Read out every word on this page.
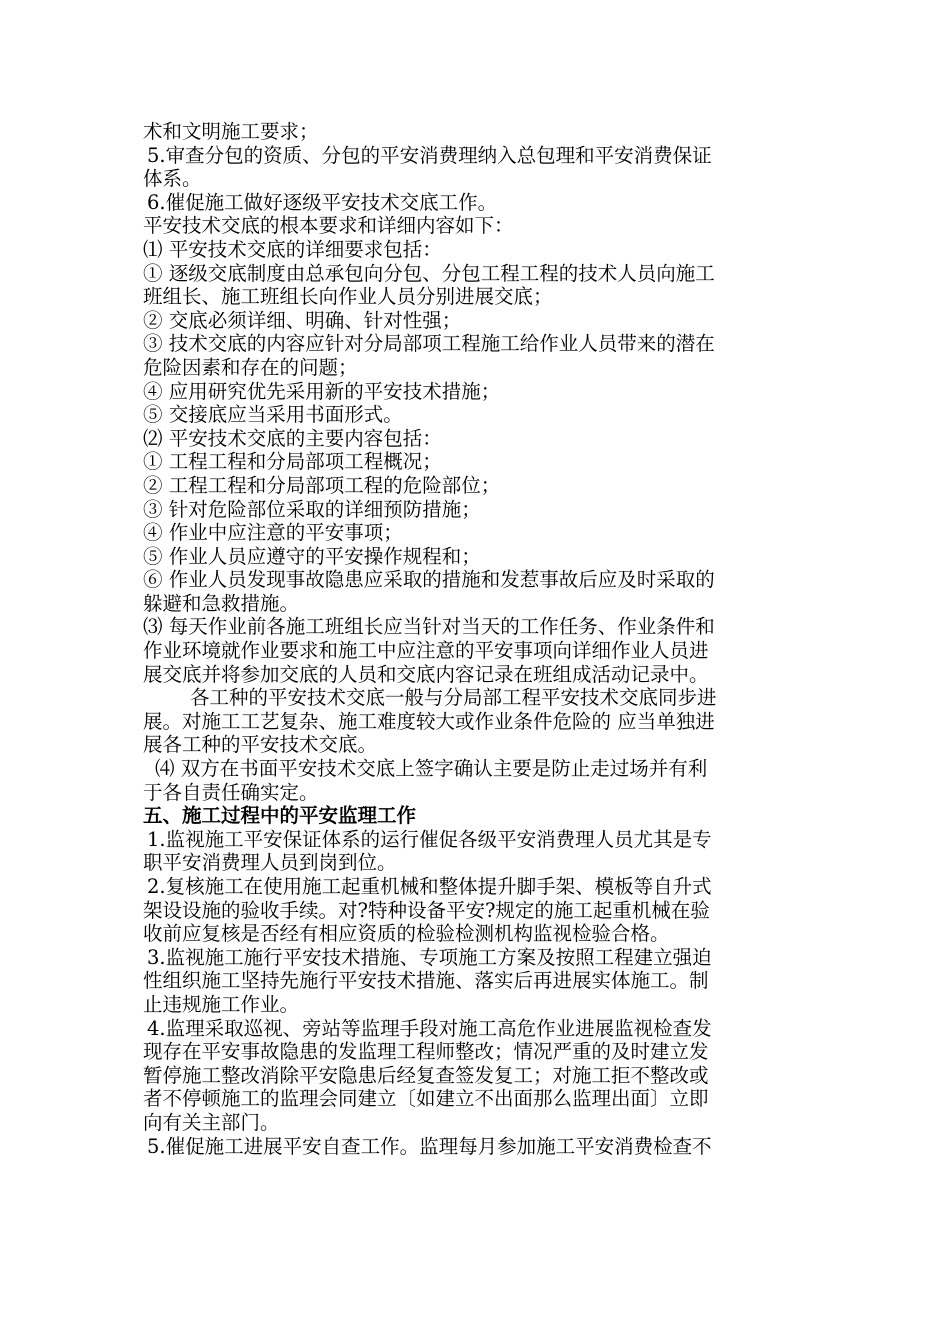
术和文明施工要求；
5.审查分包的资质、分包的平安消费理纳入总包理和平安消费保证
体系。
6.催促施工做好逐级平安技术交底工作。
平安技术交底的根本要求和详细内容如下：
⑴ 平安技术交底的详细要求包括：
① 逐级交底制度由总承包向分包、分包工程工程的技术人员向施工
班组长、施工班组长向作业人员分别进展交底；
② 交底必须详细、明确、针对性强；
③ 技术交底的内容应针对分局部项工程施工给作业人员带来的潜在
危险因素和存在的问题；
④ 应用研究优先采用新的平安技术措施；
⑤ 交接底应当采用书面形式。
⑵ 平安技术交底的主要内容包括：
① 工程工程和分局部项工程概况；
② 工程工程和分局部项工程的危险部位；
③ 针对危险部位采取的详细预防措施；
④ 作业中应注意的平安事项；
⑤ 作业人员应遵守的平安操作规程和；
⑥ 作业人员发现事故隐患应采取的措施和发惹事故后应及时采取的
躲避和急救措施。
⑶ 每天作业前各施工班组长应当针对当天的工作任务、作业条件和
作业环境就作业要求和施工中应注意的平安事项向详细作业人员进
展交底并将参加交底的人员和交底内容记录在班组成活动记录中。
各工种的平安技术交底一般与分局部工程平安技术交底同步进
展。对施工工艺复杂、施工难度较大或作业条件危险的 应当单独进
展各工种的平安技术交底。
⑷ 双方在书面平安技术交底上签字确认主要是防止走过场并有利
于各自责任确实定。
五、施工过程中的平安监理工作
1.监视施工平安保证体系的运行催促各级平安消费理人员尤其是专
职平安消费理人员到岗到位。
2.复核施工在使用施工起重机械和整体提升脚手架、模板等自升式
架设设施的验收手续。对?特种设备平安?规定的施工起重机械在验
收前应复核是否经有相应资质的检验检测机构监视检验合格。
3.监视施工施行平安技术措施、专项施工方案及按照工程建立强迫
性组织施工坚持先施行平安技术措施、落实后再进展实体施工。制
止违规施工作业。
4.监理采取巡视、旁站等监理手段对施工高危作业进展监视检查发
现存在平安事故隐患的发监理工程师整改；情况严重的及时建立发
暂停施工整改消除平安隐患后经复查签发复工；对施工拒不整改或
者不停顿施工的监理会同建立〔如建立不出面那么监理出面〕立即
向有关主部门。
5.催促施工进展平安自查工作。监理每月参加施工平安消费检查不
